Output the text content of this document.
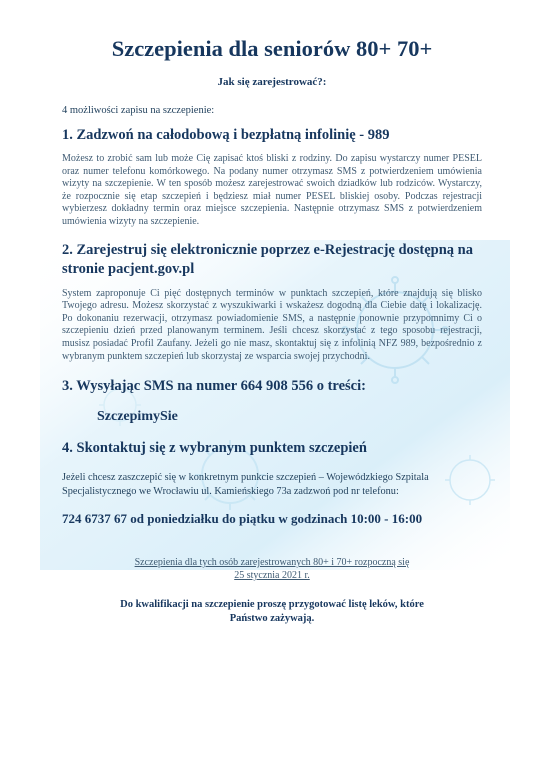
Szczepienia dla seniorów 80+ 70+
Jak się zarejestrować?:
4 możliwości zapisu na szczepienie:
1. Zadzwoń na całodobową i bezpłatną infolinię - 989

Możesz to zrobić sam lub może Cię zapisać ktoś bliski z rodziny. Do zapisu wystarczy numer PESEL oraz numer telefonu komórkowego. Na podany numer otrzymasz SMS z potwierdzeniem umówienia wizyty na szczepienie. W ten sposób możesz zarejestrować swoich dziadków lub rodziców. Wystarczy, że rozpocznie się etap szczepień i będziesz miał numer PESEL bliskiej osoby. Podczas rejestracji wybierzesz dokładny termin oraz miejsce szczepienia. Następnie otrzymasz SMS z potwierdzeniem umówienia wizyty na szczepienie.

2. Zarejestruj się elektronicznie poprzez e-Rejestrację dostępną na stronie pacjent.gov.pl

System zaproponuje Ci pięć dostępnych terminów w punktach szczepień, które znajdują się blisko Twojego adresu. Możesz skorzystać z wyszukiwarki i wskażesz dogodną dla Ciebie datę i lokalizację. Po dokonaniu rezerwacji, otrzymasz powiadomienie SMS, a następnie ponownie przypomnimy Ci o szczepieniu dzień przed planowanym terminem. Jeśli chcesz skorzystać z tego sposobu rejestracji, musisz posiadać Profil Zaufany. Jeżeli go nie masz, skontaktuj się z infolinią NFZ 989, bezpośrednio z wybranym punktem szczepień lub skorzystaj ze wsparcia swojej przychodni.

3. Wysyłając SMS na numer 664 908 556 o treści:
SzczepimySie
4. Skontaktuj się z wybranym punktem szczepień

Jeżeli chcesz zaszczepić się w konkretnym punkcie szczepień – Wojewódzkiego Szpitala Specjalistycznego we Wrocławiu ul. Kamieńskiego 73a zadzwoń pod nr telefonu:

724 6737 67 od poniedziałku do piątku w godzinach 10:00 - 16:00
Szczepienia dla tych osób zarejestrowanych 80+ i 70+ rozpoczną się
25 stycznia 2021 r.
Do kwalifikacji na szczepienie proszę przygotować listę leków, które
Państwo zażywają.
